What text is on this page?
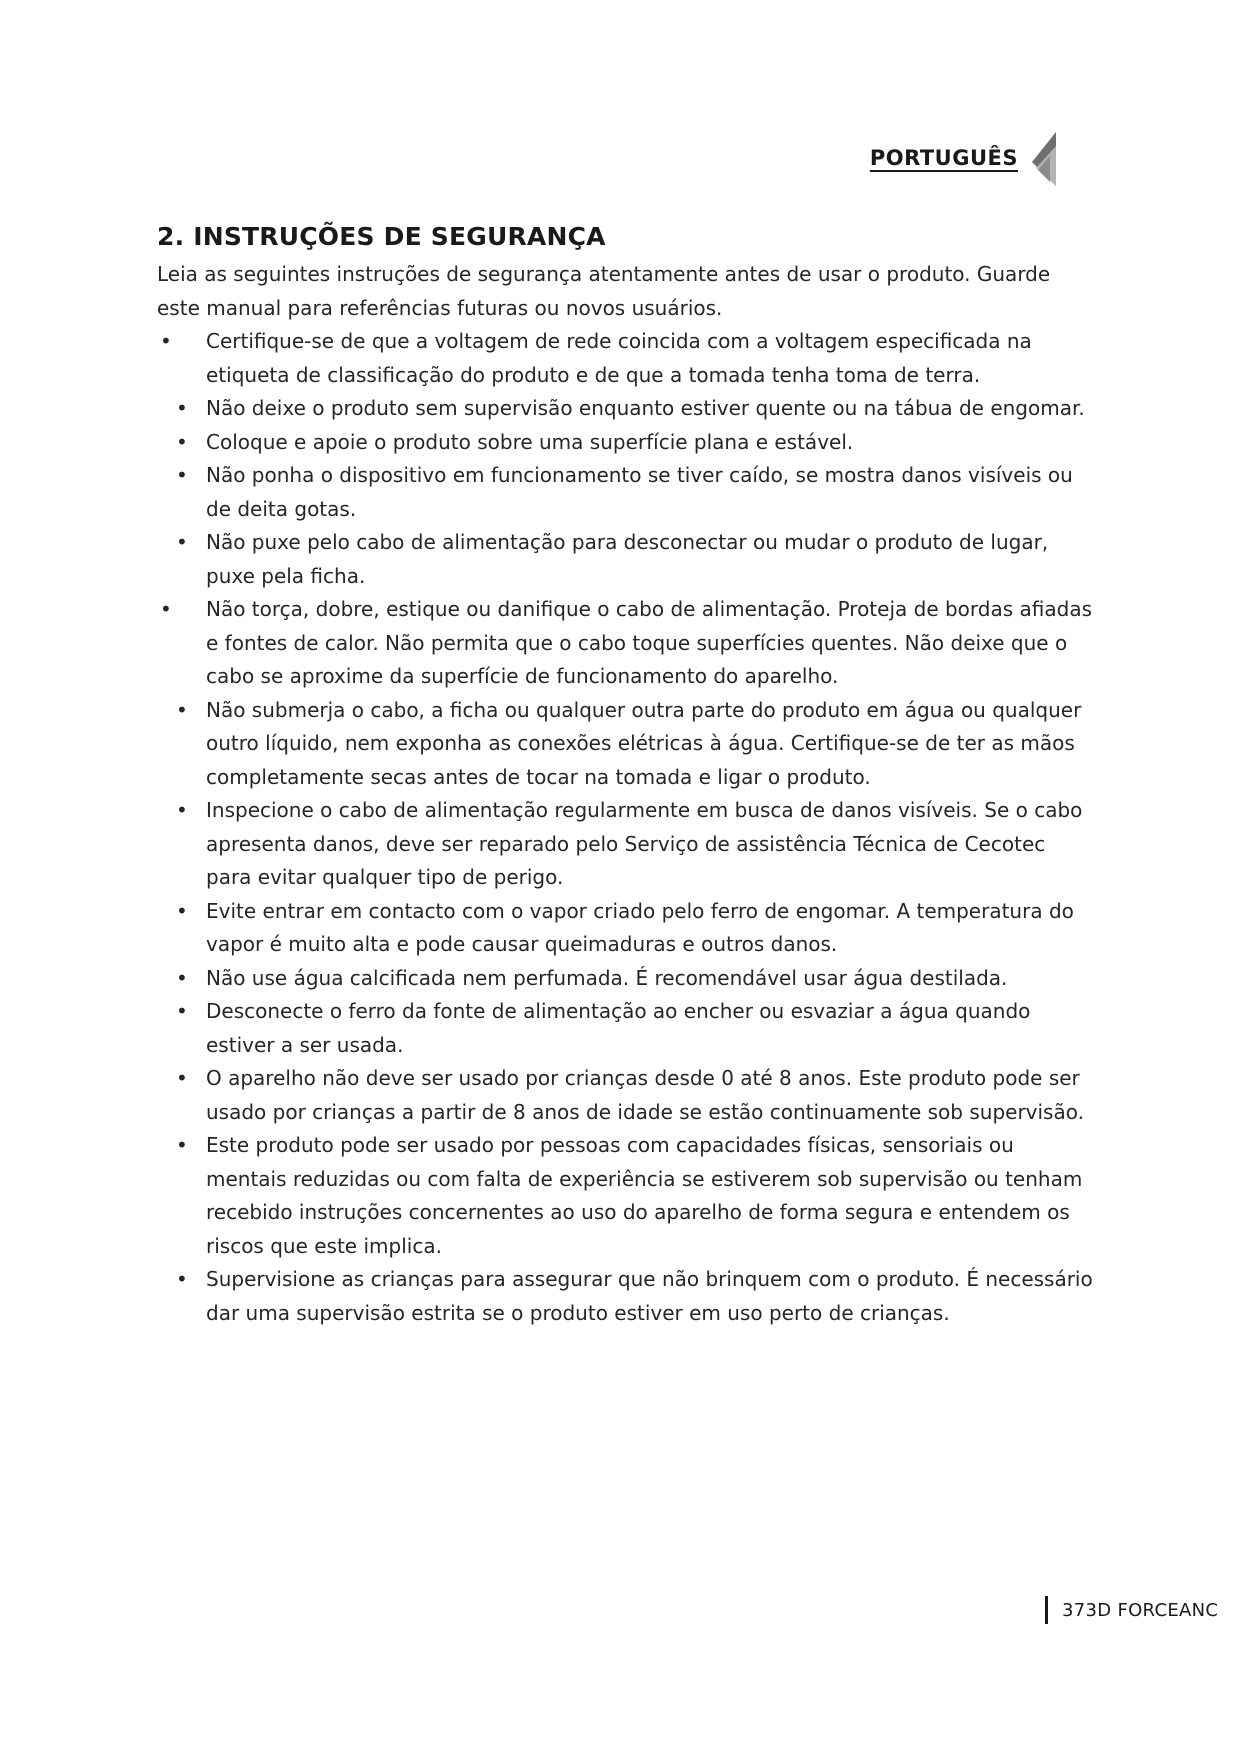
PORTUGUÊS
2. INSTRUÇÕES DE SEGURANÇA

Leia as seguintes instruções de segurança atentamente antes de usar o produto. Guarde este manual para referências futuras ou novos usuários.

• Certifique-se de que a voltagem de rede coincida com a voltagem especificada na etiqueta de classificação do produto e de que a tomada tenha toma de terra.
• Não deixe o produto sem supervisão enquanto estiver quente ou na tábua de engomar.
• Coloque e apoie o produto sobre uma superfície plana e estável.
• Não ponha o dispositivo em funcionamento se tiver caído, se mostra danos visíveis ou de deita gotas.
• Não puxe pelo cabo de alimentação para desconectar ou mudar o produto de lugar, puxe pela ficha.
• Não torça, dobre, estique ou danifique o cabo de alimentação. Proteja de bordas afiadas e fontes de calor. Não permita que o cabo toque superfícies quentes. Não deixe que o cabo se aproxime da superfície de funcionamento do aparelho.
• Não submerja o cabo, a ficha ou qualquer outra parte do produto em água ou qualquer outro líquido, nem exponha as conexões elétricas à água. Certifique-se de ter as mãos completamente secas antes de tocar na tomada e ligar o produto.
• Inspecione o cabo de alimentação regularmente em busca de danos visíveis. Se o cabo apresenta danos, deve ser reparado pelo Serviço de assistência Técnica de Cecotec para evitar qualquer tipo de perigo.
• Evite entrar em contacto com o vapor criado pelo ferro de engomar. A temperatura do vapor é muito alta e pode causar queimaduras e outros danos.
• Não use água calcificada nem perfumada. É recomendável usar água destilada.
• Desconecte o ferro da fonte de alimentação ao encher ou esvaziar a água quando estiver a ser usada.
• O aparelho não deve ser usado por crianças desde 0 até 8 anos. Este produto pode ser usado por crianças a partir de 8 anos de idade se estão continuamente sob supervisão.
• Este produto pode ser usado por pessoas com capacidades físicas, sensoriais ou mentais reduzidas ou com falta de experiência se estiverem sob supervisão ou tenham recebido instruções concernentes ao uso do aparelho de forma segura e entendem os riscos que este implica.
• Supervisione as crianças para assegurar que não brinquem com o produto. É necessário dar uma supervisão estrita se o produto estiver em uso perto de crianças.
373D FORCEANC
